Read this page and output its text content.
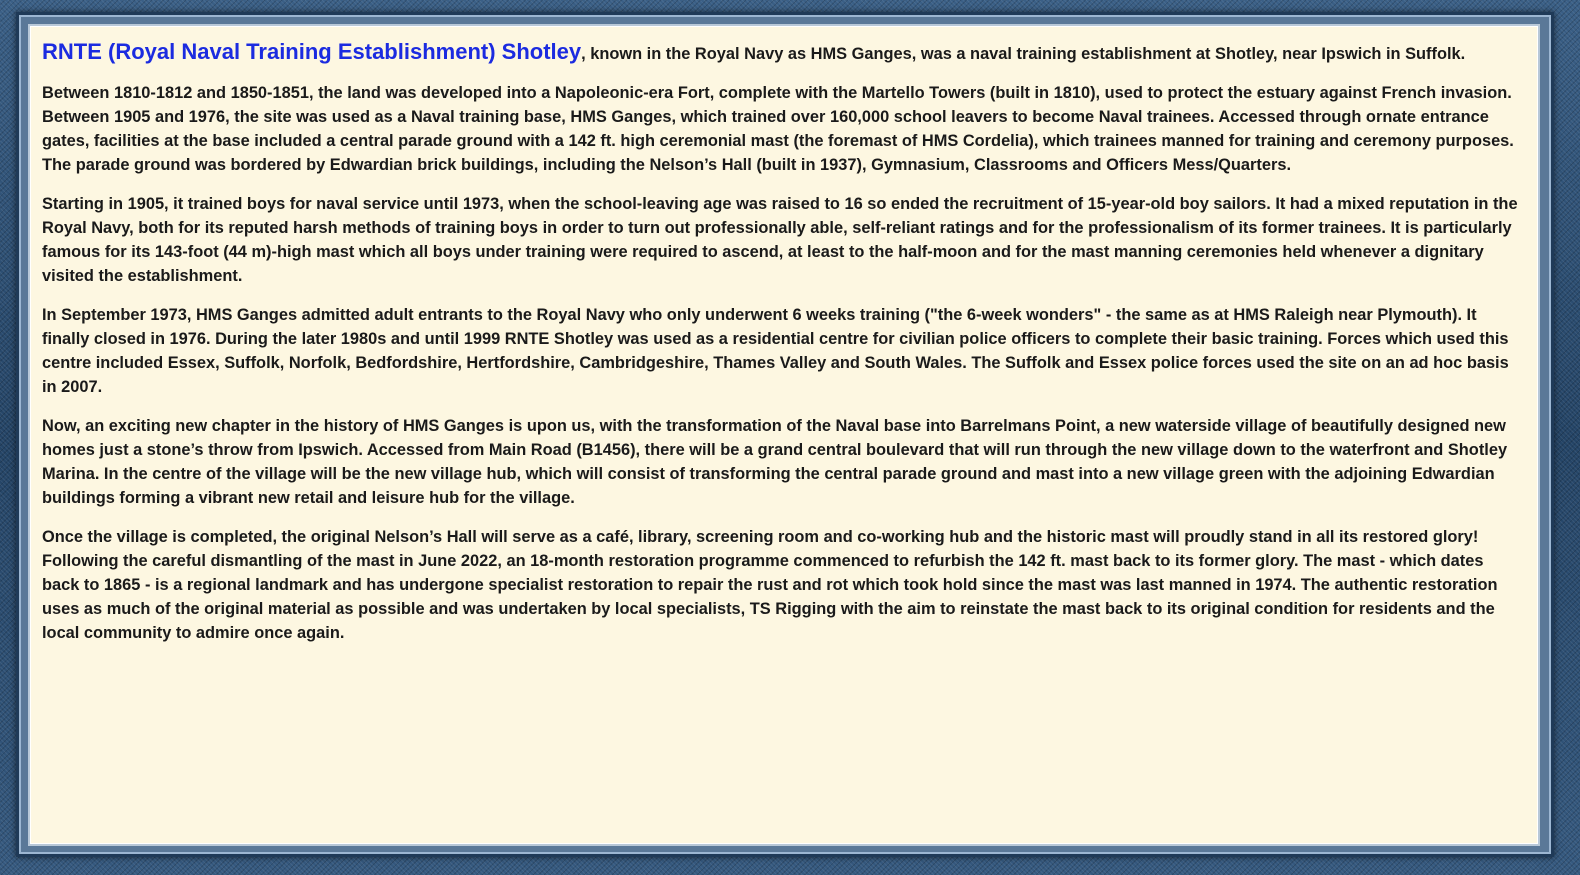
RNTE (Royal Naval Training Establishment) Shotley, known in the Royal Navy as HMS Ganges, was a naval training establishment at Shotley, near Ipswich in Suffolk.

Between 1810-1812 and 1850-1851, the land was developed into a Napoleonic-era Fort, complete with the Martello Towers (built in 1810), used to protect the estuary against French invasion. Between 1905 and 1976, the site was used as a Naval training base, HMS Ganges, which trained over 160,000 school leavers to become Naval trainees. Accessed through ornate entrance gates, facilities at the base included a central parade ground with a 142 ft. high ceremonial mast (the foremast of HMS Cordelia), which trainees manned for training and ceremony purposes. The parade ground was bordered by Edwardian brick buildings, including the Nelson’s Hall (built in 1937), Gymnasium, Classrooms and Officers Mess/Quarters.

Starting in 1905, it trained boys for naval service until 1973, when the school-leaving age was raised to 16 so ended the recruitment of 15-year-old boy sailors. It had a mixed reputation in the Royal Navy, both for its reputed harsh methods of training boys in order to turn out professionally able, self-reliant ratings and for the professionalism of its former trainees. It is particularly famous for its 143-foot (44 m)-high mast which all boys under training were required to ascend, at least to the half-moon and for the mast manning ceremonies held whenever a dignitary visited the establishment.

In September 1973, HMS Ganges admitted adult entrants to the Royal Navy who only underwent 6 weeks training ("the 6-week wonders" - the same as at HMS Raleigh near Plymouth). It finally closed in 1976. During the later 1980s and until 1999 RNTE Shotley was used as a residential centre for civilian police officers to complete their basic training. Forces which used this centre included Essex, Suffolk, Norfolk, Bedfordshire, Hertfordshire, Cambridgeshire, Thames Valley and South Wales. The Suffolk and Essex police forces used the site on an ad hoc basis in 2007.

Now, an exciting new chapter in the history of HMS Ganges is upon us, with the transformation of the Naval base into Barrelmans Point, a new waterside village of beautifully designed new homes just a stone’s throw from Ipswich. Accessed from Main Road (B1456), there will be a grand central boulevard that will run through the new village down to the waterfront and Shotley Marina. In the centre of the village will be the new village hub, which will consist of transforming the central parade ground and mast into a new village green with the adjoining Edwardian buildings forming a vibrant new retail and leisure hub for the village.

Once the village is completed, the original Nelson’s Hall will serve as a café, library, screening room and co-working hub and the historic mast will proudly stand in all its restored glory! Following the careful dismantling of the mast in June 2022, an 18-month restoration programme commenced to refurbish the 142 ft. mast back to its former glory. The mast - which dates back to 1865 - is a regional landmark and has undergone specialist restoration to repair the rust and rot which took hold since the mast was last manned in 1974. The authentic restoration uses as much of the original material as possible and was undertaken by local specialists, TS Rigging with the aim to reinstate the mast back to its original condition for residents and the local community to admire once again.
